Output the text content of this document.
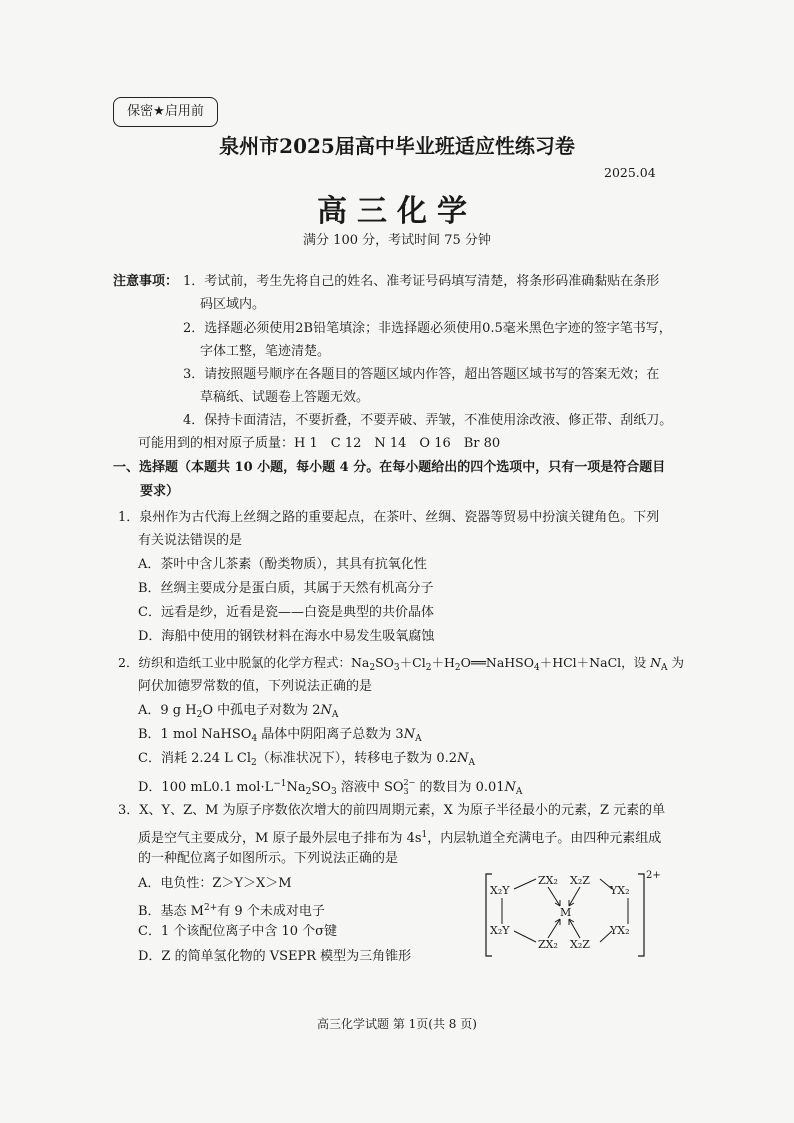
保密★启用前
泉州市2025届高中毕业班适应性练习卷
2025.04
高三化学
满分 100 分，考试时间 75 分钟
注意事项： 1．考试前，考生先将自己的姓名、准考证号码填写清楚，将条形码准确黏贴在条形
码区域内。
2．选择题必须使用2B铅笔填涂；非选择题必须使用0.5毫米黑色字迹的签字笔书写，
字体工整，笔迹清楚。
3．请按照题号顺序在各题目的答题区域内作答，超出答题区域书写的答案无效；在
草稿纸、试题卷上答题无效。
4．保持卡面清洁，不要折叠，不要弄破、弄皱，不准使用涂改液、修正带、刮纸刀。
可能用到的相对原子质量：H 1　C 12　N 14　O 16　Br 80
一、选择题（本题共 10 小题，每小题 4 分。在每小题给出的四个选项中，只有一项是符合题目
要求）
1．泉州作为古代海上丝绸之路的重要起点，在茶叶、丝绸、瓷器等贸易中扮演关键角色。下列
有关说法错误的是
A．茶叶中含儿茶素（酚类物质），其具有抗氧化性
B．丝绸主要成分是蛋白质，其属于天然有机高分子
C．远看是纱，近看是瓷——白瓷是典型的共价晶体
D．海船中使用的钢铁材料在海水中易发生吸氧腐蚀
2．纺织和造纸工业中脱氯的化学方程式：$Na_2SO_3+Cl_2+H_2O══NaHSO_4+HCl+NaCl$，设 $N_A$ 为
阿伏加德罗常数的值，下列说法正确的是
A．9 g $H_2O$ 中孤电子对数为 $2N_A$
B．1 mol NaHSO$_4$ 晶体中阴阳离子总数为 $3N_A$
C．消耗 2.24 L $Cl_2$（标准状况下），转移电子数为 $0.2N_A$
D．100 mL0.1 $mol\cdot L^{-1}Na_2SO_3$ 溶液中 SO 2−
3 的数目为 $0.01N_A$
3．X、Y、Z、M 为原子序数依次增大的前四周期元素，X 为原子半径最小的元素，Z 元素的单
质是空气主要成分，M 原子最外层电子排布为 $4s^1$，内层轨道全充满电子。由四种元素组成
的一种配位离子如图所示。下列说法正确的是
A．电负性：Z＞Y＞X＞M
B．基态 $M^{2+}$有 9 个未成对电子
C．1 个该配位离子中含 10 个σ键
D．Z 的简单氢化物的 VSEPR 模型为三角锥形
2+
X₂Y
ZX₂ X₂Z
YX₂
M
X₂Y
ZX₂ X₂Z
YX₂
高三化学试题 第 1页(共 8 页)
